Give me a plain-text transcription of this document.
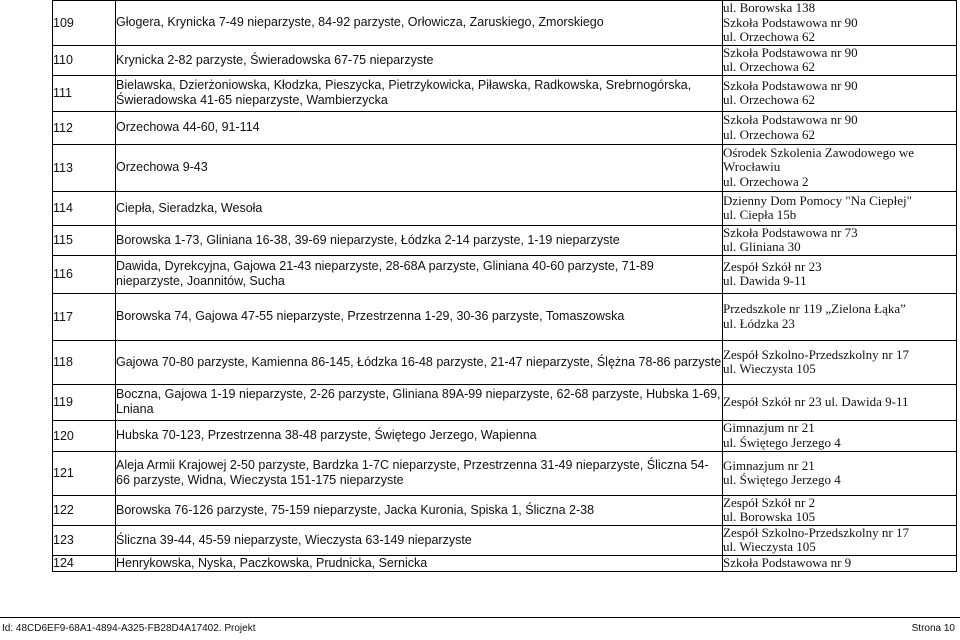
109	Głogera, Krynicka 7-49 nieparzyste, 84-92 parzyste, Orłowicza, Zaruskiego, Zmorskiego	ul. Borowska 138
Szkoła Podstawowa nr 90
ul. Orzechowa 62

110	Krynicka 2-82 parzyste, Świeradowska 67-75 nieparzyste	Szkoła Podstawowa nr 90
ul. Orzechowa 62

111	Bielawska, Dzierżoniowska, Kłodzka, Pieszycka, Pietrzykowicka, Piławska, Radkowska, Srebrnogórska, Świeradowska 41-65 nieparzyste, Wambierzycka	Szkoła Podstawowa nr 90
ul. Orzechowa 62

112	Orzechowa 44-60, 91-114	Szkoła Podstawowa nr 90
ul. Orzechowa 62

113	Orzechowa 9-43	Ośrodek Szkolenia Zawodowego we
Wrocławiu
ul. Orzechowa 2

114	Ciepła, Sieradzka, Wesoła	Dzienny Dom Pomocy "Na Ciepłej"
ul. Ciepła 15b

115	Borowska 1-73, Gliniana 16-38, 39-69 nieparzyste, Łódzka 2-14 parzyste, 1-19 nieparzyste	Szkoła Podstawowa nr 73
ul. Gliniana 30

116	Dawida, Dyrekcyjna, Gajowa 21-43 nieparzyste, 28-68A parzyste, Gliniana 40-60 parzyste, 71-89 nieparzyste, Joannitów, Sucha	Zespół Szkół nr 23
ul. Dawida 9-11

117	Borowska 74, Gajowa 47-55 nieparzyste, Przestrzenna 1-29, 30-36 parzyste, Tomaszowska	Przedszkole nr 119 „Zielona Łąka”
ul. Łódzka 23

118	Gajowa 70-80 parzyste, Kamienna 86-145, Łódzka 16-48 parzyste, 21-47 nieparzyste, Ślężna 78-86 parzyste	Zespół Szkolno-Przedszkolny nr 17
ul. Wieczysta 105

119	Boczna, Gajowa 1-19 nieparzyste, 2-26 parzyste, Gliniana 89A-99 nieparzyste, 62-68 parzyste, Hubska 1-69, Lniana	Zespół Szkół nr 23 ul. Dawida 9-11

120	Hubska 70-123, Przestrzenna 38-48 parzyste, Świętego Jerzego, Wapienna	Gimnazjum nr 21
ul. Świętego Jerzego 4

121	Aleja Armii Krajowej 2-50 parzyste, Bardzka 1-7C nieparzyste, Przestrzenna 31-49 nieparzyste, Śliczna 54-66 parzyste, Widna, Wieczysta 151-175 nieparzyste	Gimnazjum nr 21
ul. Świętego Jerzego 4

122	Borowska 76-126 parzyste, 75-159 nieparzyste, Jacka Kuronia, Spiska 1, Śliczna 2-38	Zespół Szkół nr 2
ul. Borowska 105

123	Śliczna 39-44, 45-59 nieparzyste, Wieczysta 63-149 nieparzyste	Zespół Szkolno-Przedszkolny nr 17
ul. Wieczysta 105

124	Henrykowska, Nyska, Paczkowska, Prudnicka, Sernicka	Szkoła Podstawowa nr 9
Id: 48CD6EF9-68A1-4894-A325-FB28D4A17402. Projekt	Strona 10
